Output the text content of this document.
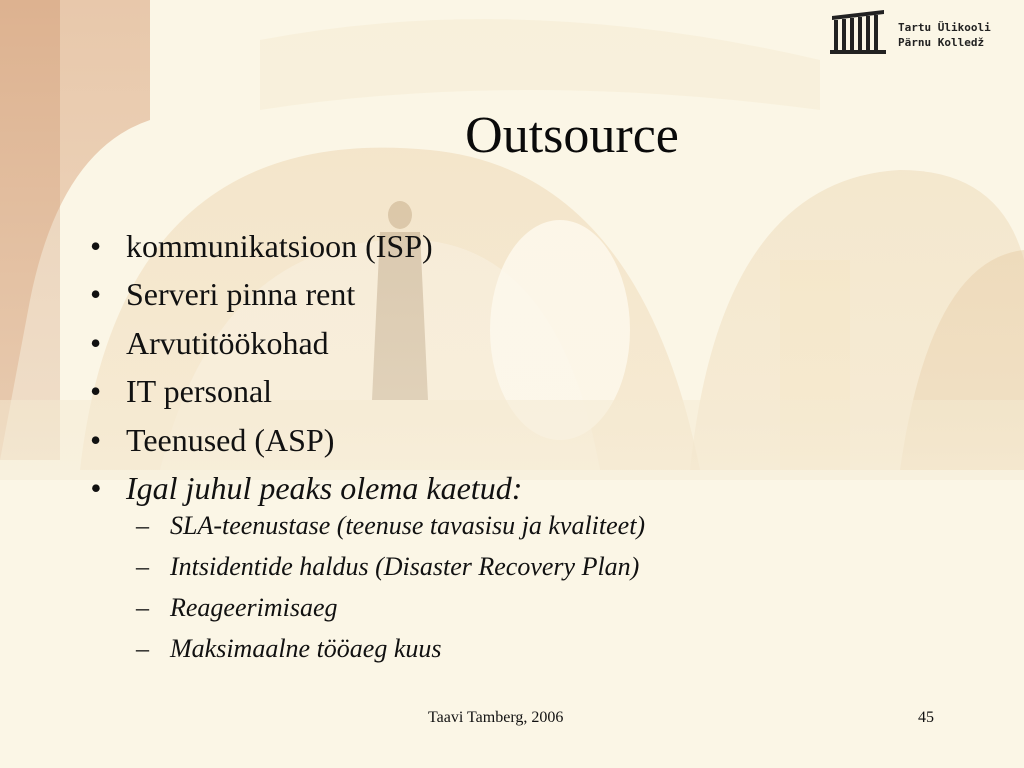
Tartu Ülikooli
Pärnu Kolledž
Outsource
• kommunikatsioon (ISP)
• Serveri pinna rent
• Arvutitöökohad
• IT personal
• Teenused (ASP)
• Igal juhul peaks olema kaetud:
– SLA-teenustase (teenuse tavasisu ja kvaliteet)
– Intsidentide haldus (Disaster Recovery Plan)
– Reageerimisaeg
– Maksimaalne tööaeg kuus
Taavi Tamberg, 2006	45
